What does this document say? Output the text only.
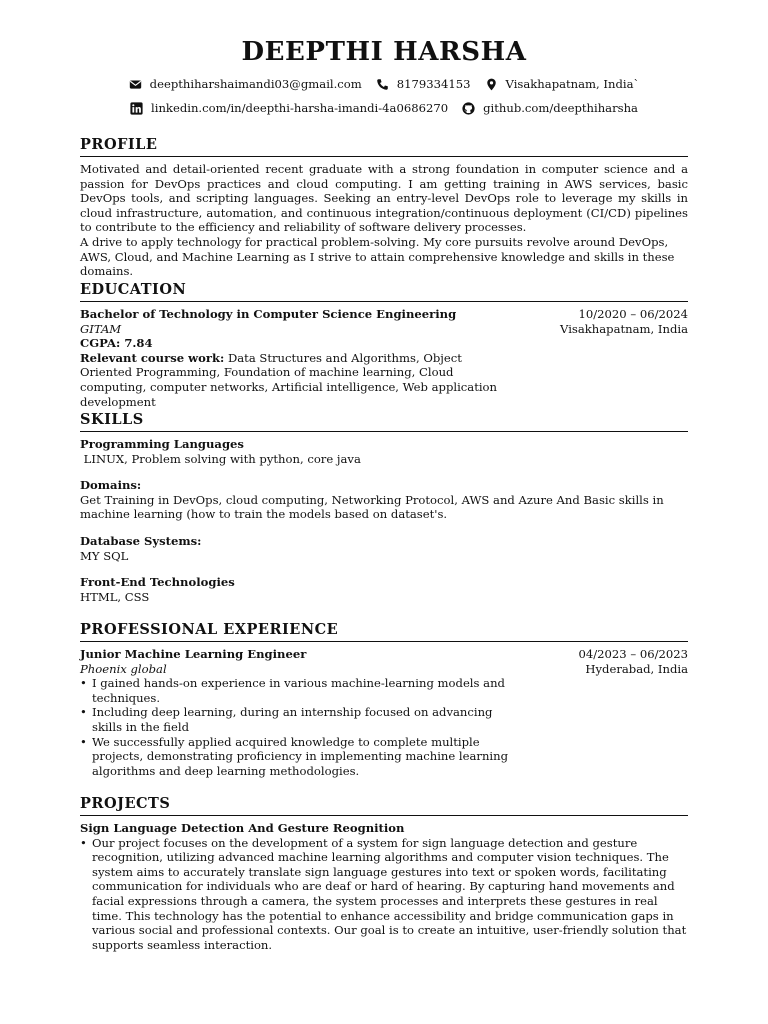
DEEPTHI HARSHA
deepthiharshaimandi03@gmail.com	8179334153	Visakhapatnam, India`
linkedin.com/in/deepthi-harsha-imandi-4a0686270	github.com/deepthiharsha
PROFILE

Motivated and detail-oriented recent graduate with a strong foundation in computer science and a passion for DevOps practices and cloud computing. I am getting training in AWS services, basic DevOps tools, and scripting languages. Seeking an entry-level DevOps role to leverage my skills in cloud infrastructure, automation, and continuous integration/continuous deployment (CI/CD) pipelines to contribute to the efficiency and reliability of software delivery processes.

A drive to apply technology for practical problem-solving. My core pursuits revolve around DevOps, AWS, Cloud, and Machine Learning as I strive to attain comprehensive knowledge and skills in these domains.

EDUCATION
Bachelor of Technology in Computer Science Engineering	10/2020 – 06/2024
GITAM	Visakhapatnam, India
CGPA: 7.84
Relevant course work: Data Structures and Algorithms, Object Oriented Programming, Foundation of machine learning, Cloud computing, computer networks, Artificial intelligence, Web application development
SKILLS
Programming Languages
LINUX, Problem solving with python, core java
Domains:
Get Training in DevOps, cloud computing, Networking Protocol, AWS and Azure And Basic skills in machine learning (how to train the models based on dataset's.
Database Systems:
MY SQL
Front-End Technologies
HTML, CSS
PROFESSIONAL EXPERIENCE
Junior Machine Learning Engineer	04/2023 – 06/2023
Phoenix global	Hyderabad, India
• I gained hands-on experience in various machine-learning models and techniques.
• Including deep learning, during an internship focused on advancing skills in the field
• We successfully applied acquired knowledge to complete multiple projects, demonstrating proficiency in implementing machine learning algorithms and deep learning methodologies.
PROJECTS
Sign Language Detection And Gesture Reognition
• Our project focuses on the development of a system for sign language detection and gesture recognition, utilizing advanced machine learning algorithms and computer vision techniques. The system aims to accurately translate sign language gestures into text or spoken words, facilitating communication for individuals who are deaf or hard of hearing. By capturing hand movements and facial expressions through a camera, the system processes and interprets these gestures in real time. This technology has the potential to enhance accessibility and bridge communication gaps in various social and professional contexts. Our goal is to create an intuitive, user-friendly solution that supports seamless interaction.
